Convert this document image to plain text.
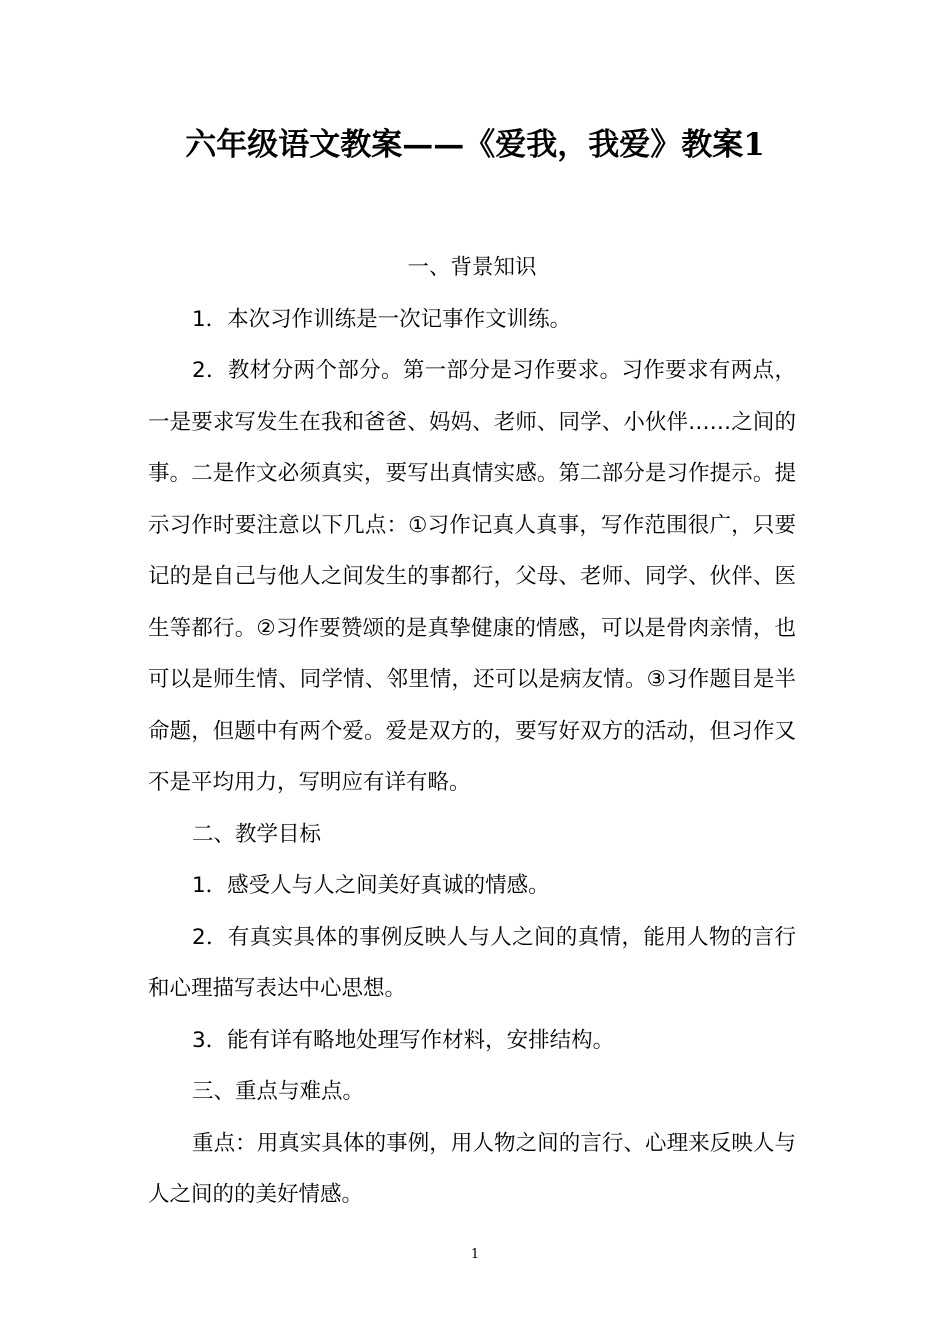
六年级语文教案——《爱我，我爱》教案1

一、背景知识

1．本次习作训练是一次记事作文训练。

2．教材分两个部分。第一部分是习作要求。习作要求有两点，一是要求写发生在我和爸爸、妈妈、老师、同学、小伙伴……之间的事。二是作文必须真实，要写出真情实感。第二部分是习作提示。提示习作时要注意以下几点：①习作记真人真事，写作范围很广，只要记的是自己与他人之间发生的事都行，父母、老师、同学、伙伴、医生等都行。②习作要赞颂的是真挚健康的情感，可以是骨肉亲情，也可以是师生情、同学情、邻里情，还可以是病友情。③习作题目是半命题，但题中有两个爱。爱是双方的，要写好双方的活动，但习作又不是平均用力，写明应有详有略。

二、教学目标

1．感受人与人之间美好真诚的情感。

2．有真实具体的事例反映人与人之间的真情，能用人物的言行和心理描写表达中心思想。

3．能有详有略地处理写作材料，安排结构。

三、重点与难点。

重点：用真实具体的事例，用人物之间的言行、心理来反映人与人之间的的美好情感。

1
